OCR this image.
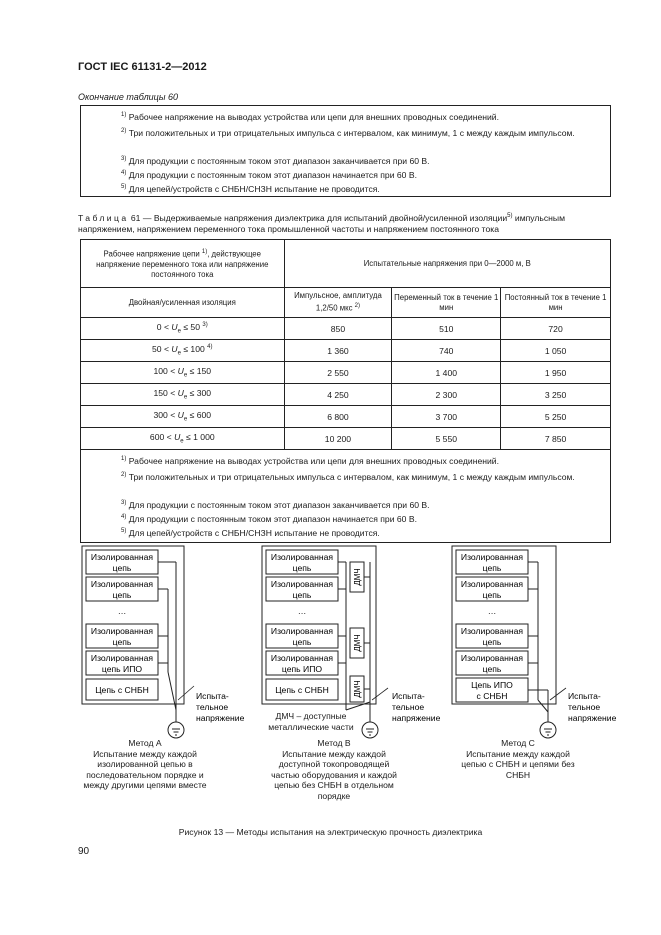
ГОСТ IEC 61131-2—2012
Окончание таблицы 60
$^{1)}$ Рабочее напряжение на выводах устройства или цепи для внешних проводных соединений.
$^{2)}$ Три положительных и три отрицательных импульса с интервалом, как минимум, 1 с между каждым импульсом.
$^{3)}$ Для продукции с постоянным током этот диапазон заканчивается при 60 В.
$^{4)}$ Для продукции с постоянным током этот диапазон начинается при 60 В.
$^{5)}$ Для цепей/устройств с СНБН/СНЗН испытание не проводится.
Таблица 61 — Выдерживаемые напряжения диэлектрика для испытаний двойной/усиленной изоляции$^{5)}$ импульсным напряжением, напряжением переменного тока промышленной частоты и напряжением постоянного тока
Рабочее напряжение цепи $^{1)}$, действующее напряжение переменного тока или напряжение постоянного тока	Испытательные напряжения при 0—2000 м, В		
Двойная/усиленная изоляция	Импульсное, амплитуда 1,2/50 мкс $^{2)}$	Переменный ток в течение 1 мин	Постоянный ток в течение 1 мин
$0 < U_e \le 50$ $^{3)}$	850	510	720
$50 < U_e \le 100$ $^{4)}$	1 360	740	1 050
$100 < U_e \le 150$	2 550	1 400	1 950
$150 < U_e \le 300$	4 250	2 300	3 250
$300 < U_e \le 600$	6 800	3 700	5 250
$600 < U_e \le 1$ 000	10 200	5 550	7 850

$^{1)}$ Рабочее напряжение на выводах устройства или цепи для внешних проводных соединений.
$^{2)}$ Три положительных и три отрицательных импульса с интервалом, как минимум, 1 с между каждым импульсом.
$^{3)}$ Для продукции с постоянным током этот диапазон заканчивается при 60 В.
$^{4)}$ Для продукции с постоянным током этот диапазон начинается при 60 В.
$^{5)}$ Для цепей/устройств с СНБН/СНЗН испытание не проводится.			
Изолированная
цепь
Изолированная
цепь
…
Изолированная
цепь
Изолированная
цепь ИПО
Цепь с СНБН
Испыта-
тельное
напряжение
Изолированная
цепь
Изолированная
цепь
…
Изолированная
цепь
Изолированная
цепь ИПО
Цепь с СНБН
ДМЧ
ДМЧ
ДМЧ	Испыта-
тельное
напряжение
Изолированная
цепь
Изолированная
цепь
…
Изолированная
цепь
Изолированная
цепь
Цепь ИПО
с СНБН	Испыта-
тельное
напряжение
ДМЧ – доступные металлические части
Метод A
Испытание между каждой изолированной цепью в последовательном порядке и между другими цепями вместе
Метод B
Испытание между каждой доступной токопроводящей частью оборудования и каждой цепью без СНБН в отдельном порядке
Метод C
Испытание между каждой цепью с СНБН и цепями без СНБН
Рисунок 13 — Методы испытания на электрическую прочность диэлектрика
90
